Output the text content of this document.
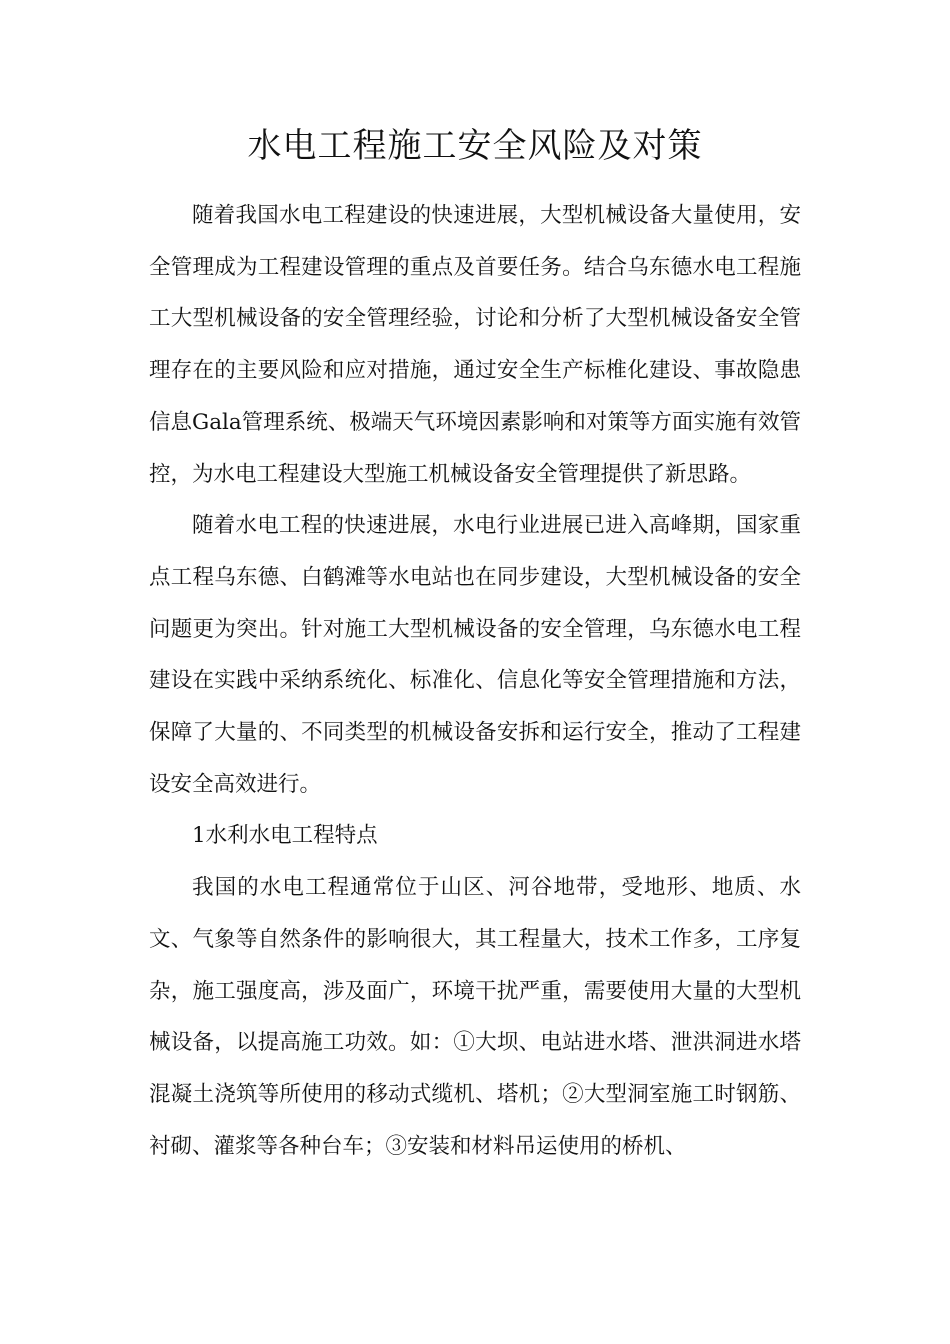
水电工程施工安全风险及对策

随着我国水电工程建设的快速进展，大型机械设备大量使用，安全管理成为工程建设管理的重点及首要任务。结合乌东德水电工程施工大型机械设备的安全管理经验，讨论和分析了大型机械设备安全管理存在的主要风险和应对措施，通过安全生产标椎化建设、事故隐患信息Gala管理系统、极端天气环境因素影响和对策等方面实施有效管控，为水电工程建设大型施工机械设备安全管理提供了新思路。

随着水电工程的快速进展，水电行业进展已进入高峰期，国家重点工程乌东德、白鹤滩等水电站也在同步建设，大型机械设备的安全问题更为突出。针对施工大型机械设备的安全管理，乌东德水电工程建设在实践中采纳系统化、标准化、信息化等安全管理措施和方法，保障了大量的、不同类型的机械设备安拆和运行安全，推动了工程建设安全高效进行。

1水利水电工程特点

我国的水电工程通常位于山区、河谷地带，受地形、地质、水文、气象等自然条件的影响很大，其工程量大，技术工作多，工序复杂，施工强度高，涉及面广，环境干扰严重，需要使用大量的大型机械设备，以提高施工功效。如：①大坝、电站进水塔、泄洪洞进水塔混凝土浇筑等所使用的移动式缆机、塔机；②大型洞室施工时钢筋、衬砌、灌浆等各种台车；③安装和材料吊运使用的桥机、
